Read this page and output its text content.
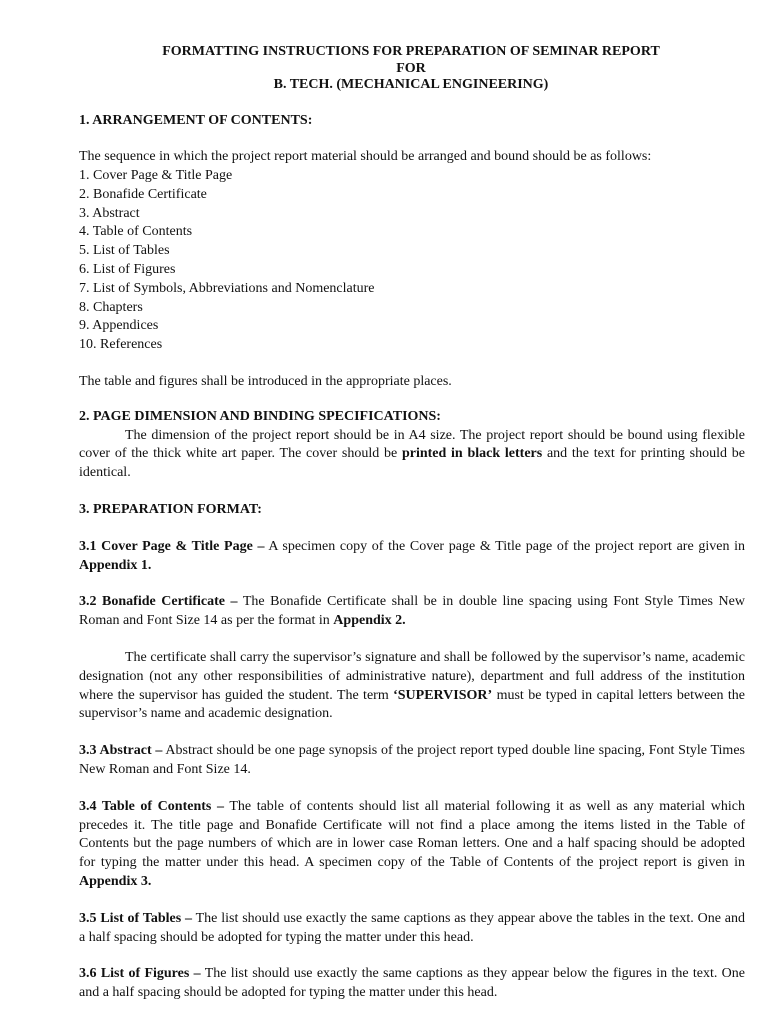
FORMATTING INSTRUCTIONS FOR PREPARATION OF SEMINAR REPORT
FOR
B. TECH. (MECHANICAL ENGINEERING)
1. ARRANGEMENT OF CONTENTS:
The sequence in which the project report material should be arranged and bound should be as follows:
1. Cover Page & Title Page
2. Bonafide Certificate
3. Abstract
4. Table of Contents
5. List of Tables
6. List of Figures
7. List of Symbols, Abbreviations and Nomenclature
8. Chapters
9. Appendices
10. References
The table and figures shall be introduced in the appropriate places.
2. PAGE DIMENSION AND BINDING SPECIFICATIONS:
The dimension of the project report should be in A4 size. The project report should be bound using flexible cover of the thick white art paper. The cover should be printed in black letters and the text for printing should be identical.
3. PREPARATION FORMAT:
3.1 Cover Page & Title Page – A specimen copy of the Cover page & Title page of the project report are given in Appendix 1.
3.2 Bonafide Certificate – The Bonafide Certificate shall be in double line spacing using Font Style Times New Roman and Font Size 14 as per the format in Appendix 2.
The certificate shall carry the supervisor’s signature and shall be followed by the supervisor’s name, academic designation (not any other responsibilities of administrative nature), department and full address of the institution where the supervisor has guided the student. The term ‘SUPERVISOR’ must be typed in capital letters between the supervisor’s name and academic designation.
3.3 Abstract – Abstract should be one page synopsis of the project report typed double line spacing, Font Style Times New Roman and Font Size 14.
3.4 Table of Contents – The table of contents should list all material following it as well as any material which precedes it. The title page and Bonafide Certificate will not find a place among the items listed in the Table of Contents but the page numbers of which are in lower case Roman letters. One and a half spacing should be adopted for typing the matter under this head. A specimen copy of the Table of Contents of the project report is given in Appendix 3.
3.5 List of Tables – The list should use exactly the same captions as they appear above the tables in the text. One and a half spacing should be adopted for typing the matter under this head.
3.6 List of Figures – The list should use exactly the same captions as they appear below the figures in the text. One and a half spacing should be adopted for typing the matter under this head.
